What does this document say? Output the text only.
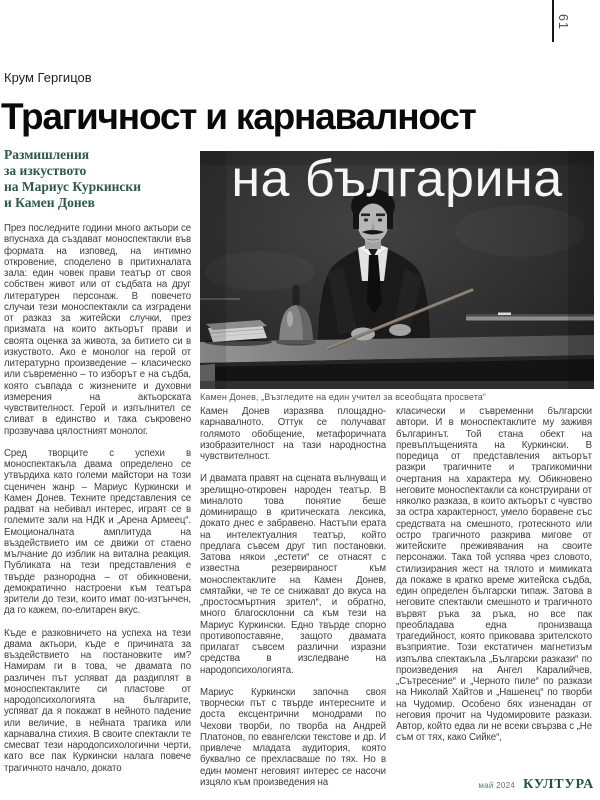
61
Крум Гергицов
Трагичност и карнавалност
Размишления
за изкуството
на Мариус Куркински
и Камен Донев	на българина
Камен Донев, „Възгледите на един учител за всеобщата просвета“

През последните години много актьори се впуснаха да създават моноспектакли във формата на изповед, на интимно откровение, споделено в притихналата зала: един човек прави театър от своя собствен живот или от съдбата на друг литературен персонаж. В повечето случаи тези моноспектакли са изградени от разказ за житейски случки, през призмата на които актьорът прави и своята оценка за живота, за битието си в изкуството. Ако е монолог на герой от литературно произведение – класическо или съвременно – то изборът е на съдба, която съвпада с жизнените и духовни измерения на актьорската чувствителност. Герой и изпълнител се сливат в единство и така съкровено прозвучава цялостният монолог.

Сред творците с успехи в моноспектакъла двама определено се утвърдиха като големи майстори на този сценичен жанр – Мариус Куркински и Камен Донев. Техните представления се радват на небивал интерес, играят се в големите зали на НДК и „Арена Армеец“. Емоционалната амплитуда на въздействието им се движи от стаено мълчание до изблик на витална реакция. Публиката на тези представления е твърде разнородна – от обикновени, демократично настроени към театъра зрители до тези, които имат по-изтънчен, да го кажем, по-елитарен вкус.

Къде е разковничето на успеха на тези двама актьори, къде е причината за въздействието на постановките им? Намирам ги в това, че двамата по различен път успяват да раздиплят в моноспектаклите си пластове от народопсихологията на българите, успяват да я покажат в нейното падение или величие, в нейната трагика или карнавална стихия. В своите спектакли те смесват тези народопсихологични черти, като все пак Куркински налага повече трагичното начало, докато

Камен Донев изразява площадно-карнавалното. Оттук се получават голямото обобщение, метафоричната изобразителност на тази народностна чувствителност.

И двамата правят на сцената вълнуващ и зрелищно-откровен народен театър. В миналото това понятие беше доминиращо в критическата лексика, докато днес е забравено. Настъпи ерата на интелектуалния театър, който предлага съвсем друг тип постановки. Затова някои „естети“ се отнасят с известна резервираност към моноспектаклите на Камен Донев, смятайки, че те се снижават до вкуса на „простосмъртния зрител“, и обратно, много благосклонни са към тези на Мариус Куркински. Едно твърде спорно противопоставяне, защото двамата прилагат съвсем различни изразни средства в изследване на народопсихологията.

Мариус Куркински започна своя творчески път с твърде интересните и доста ексцентрични монодрами по Чехови творби, по творба на Андрей Платонов, по евангелски текстове и др. И привлече младата аудитория, която буквално се прехласваше по тях. Но в един момент неговият интерес се насочи изцяло към произведения на

класически и съвременни български автори. И в моноспектаклите му заживя българинът. Той стана обект на превъплъщенията на Куркински. В поредица от представления актьорът разкри трагичните и трагикомични очертания на характера му. Обикновено неговите моноспектакли са конструирани от няколко разказа, в които актьорът с чувство за остра характерност, умело боравене със средствата на смешното, гротескното или остро трагичното разкрива мигове от житейските преживявания на своите персонажи. Така той успява чрез словото, стилизирания жест на тялото и мимиката да покаже в кратко време житейска съдба, един определен български типаж. Затова в неговите спектакли смешното и трагичното вървят ръка за ръка, но все пак преобладава една пронизваща трагедийност, която приковава зрителското възприятие. Този екстатичен магнетизъм изпълва спектакъла „Български разкази“ по произведения на Ангел Каралийчев, „Сътресение“ и „Черното пиле“ по разкази на Николай Хайтов и „Нашенец“ по творби на Чудомир. Особено бях изненадан от неговия прочит на Чудомировите разкази. Автор, който едва ли не всеки свързва с „Не съм от тях, како Сийке“,

май 2024 КУЛТУРА
